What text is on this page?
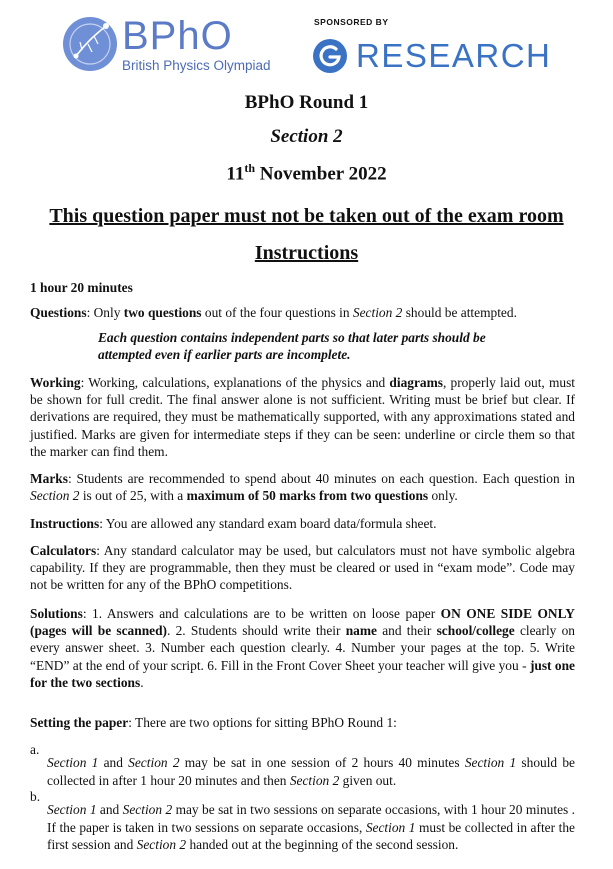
BPhO
British Physics Olympiad
SPONSORED BY
RESEARCH
BPhO Round 1
Section 2
11th November 2022
This question paper must not be taken out of the exam room
Instructions
1 hour 20 minutes

Questions: Only two questions out of the four questions in Section 2 should be attempted.

Each question contains independent parts so that later parts should be attempted even if earlier parts are incomplete.

Working: Working, calculations, explanations of the physics and diagrams, properly laid out, must be shown for full credit. The final answer alone is not sufficient. Writing must be brief but clear. If derivations are required, they must be mathematically supported, with any approximations stated and justified. Marks are given for intermediate steps if they can be seen: underline or circle them so that the marker can find them.

Marks: Students are recommended to spend about 40 minutes on each question. Each question in Section 2 is out of 25, with a maximum of 50 marks from two questions only.

Instructions: You are allowed any standard exam board data/formula sheet.

Calculators: Any standard calculator may be used, but calculators must not have symbolic algebra capability. If they are programmable, then they must be cleared or used in “exam mode”. Code may not be written for any of the BPhO competitions.

Solutions: 1. Answers and calculations are to be written on loose paper ON ONE SIDE ONLY (pages will be scanned). 2. Students should write their name and their school/college clearly on every answer sheet. 3. Number each question clearly. 4. Number your pages at the top. 5. Write “END” at the end of your script. 6. Fill in the Front Cover Sheet your teacher will give you - just one for the two sections.

Setting the paper: There are two options for sitting BPhO Round 1:

a.

Section 1 and Section 2 may be sat in one session of 2 hours 40 minutes Section 1 should be collected in after 1 hour 20 minutes and then Section 2 given out.

b.

Section 1 and Section 2 may be sat in two sessions on separate occasions, with 1 hour 20 minutes . If the paper is taken in two sessions on separate occasions, Section 1 must be collected in after the first session and Section 2 handed out at the beginning of the second session.
